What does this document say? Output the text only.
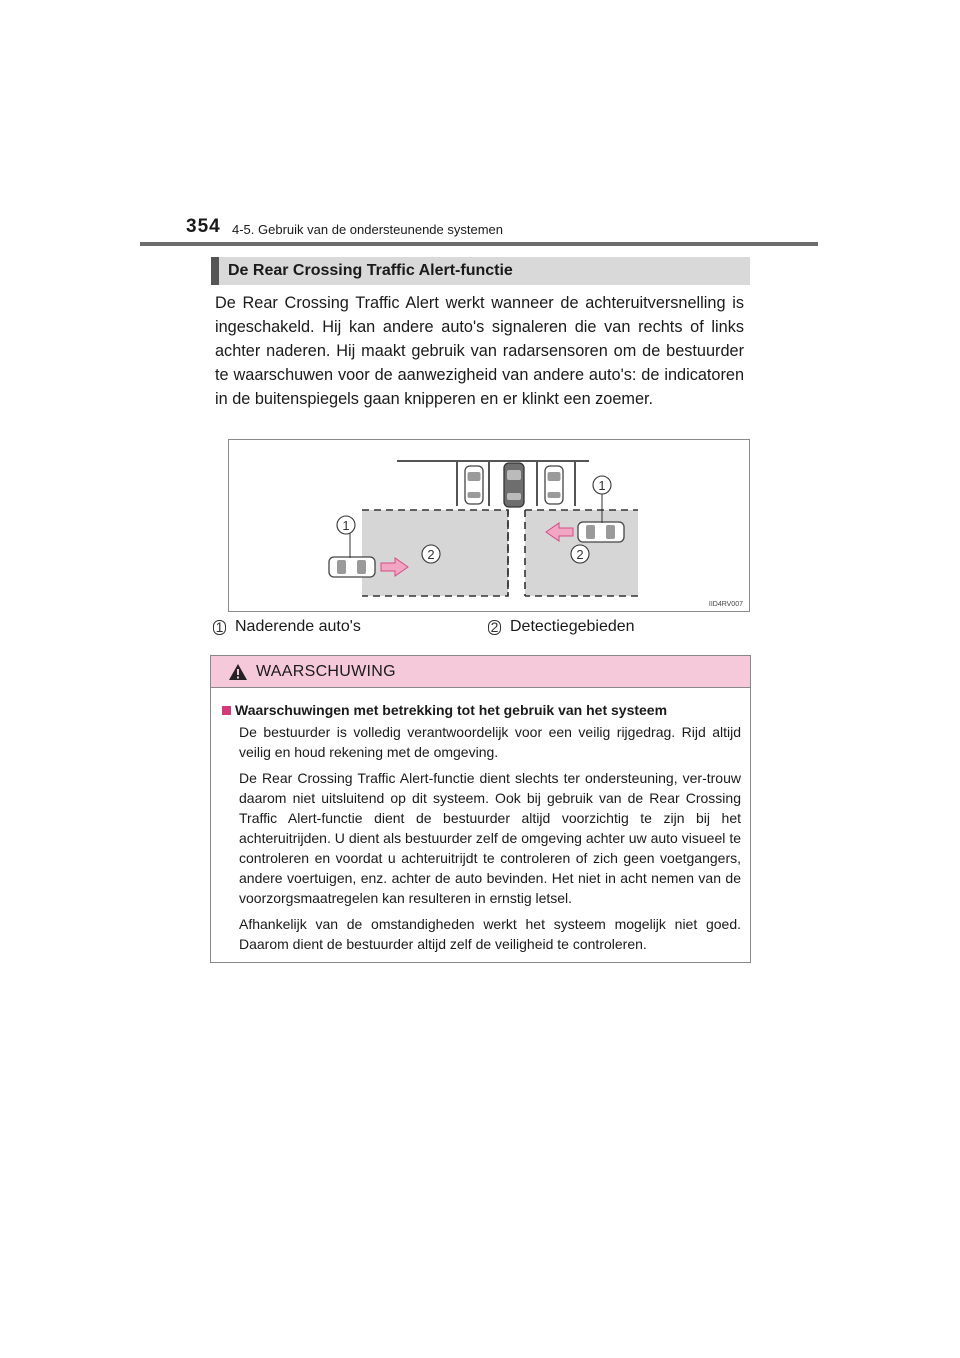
354 4-5. Gebruik van de ondersteunende systemen
De Rear Crossing Traffic Alert-functie

De Rear Crossing Traffic Alert werkt wanneer de achteruitversnelling is ingeschakeld. Hij kan andere auto's signaleren die van rechts of links achter naderen. Hij maakt gebruik van radarsensoren om de bestuurder te waarschuwen voor de aanwezigheid van andere auto's: de indicatoren in de buitenspiegels gaan knipperen en er klinkt een zoemer.

1
1
2	2
IID4RV007
1 Naderende auto's	2 Detectiegebieden
WAARSCHUWING
Waarschuwingen met betrekking tot het gebruik van het systeem

De bestuurder is volledig verantwoordelijk voor een veilig rijgedrag. Rijd altijd veilig en houd rekening met de omgeving.

De Rear Crossing Traffic Alert-functie dient slechts ter ondersteuning, ver-trouw daarom niet uitsluitend op dit systeem. Ook bij gebruik van de Rear Crossing Traffic Alert-functie dient de bestuurder altijd voorzichtig te zijn bij het achteruitrijden. U dient als bestuurder zelf de omgeving achter uw auto visueel te controleren en voordat u achteruitrijdt te controleren of zich geen voetgangers, andere voertuigen, enz. achter de auto bevinden. Het niet in acht nemen van de voorzorgsmaatregelen kan resulteren in ernstig letsel.

Afhankelijk van de omstandigheden werkt het systeem mogelijk niet goed. Daarom dient de bestuurder altijd zelf de veiligheid te controleren.
